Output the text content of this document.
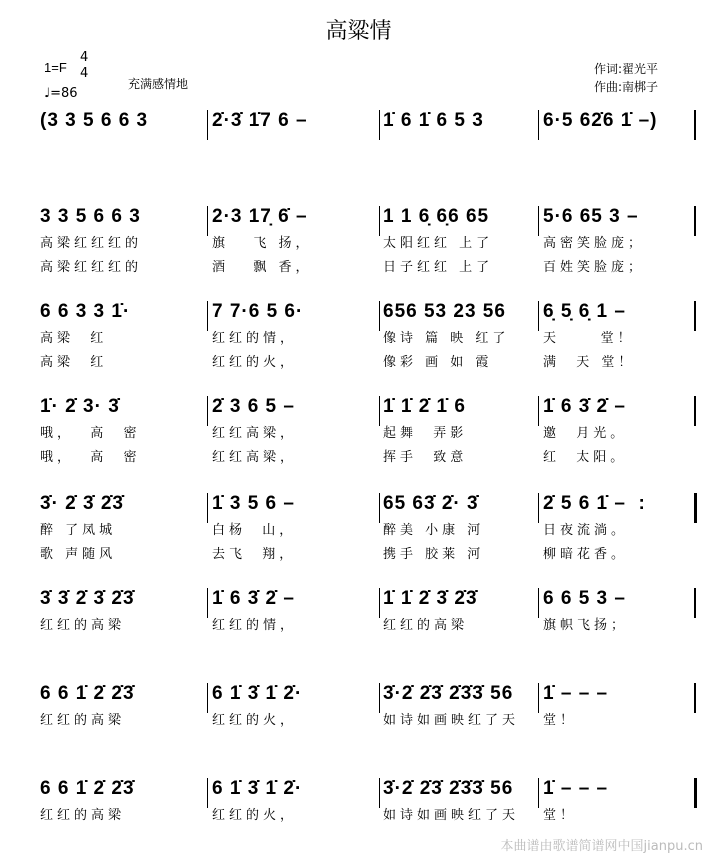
高粱情
1=F
4
4
♩=86
充满感情地
作词:翟光平
作曲:南梆子
(3 3 5 6 6 3	2̇·3̇ 1̇7 6 –	1̇ 6 1̇ 6 5 3	6·5 62̇6 1̇ –)
3 3 5 6 6 3
高梁红红红的
高梁红红红的
2·3 17̣ 6̇ –
旗   飞 扬，
酒   飘 香，
1 1 6̣ 6̣6 65
太阳红红 上了
日子红红 上了
5·6 65 3 –
高密笑脸庞；
百姓笑脸庞；
6 6 3 3 1̇·
高梁  红
高梁  红
7 7·6 5 6·
红红的情，
红红的火，
656 53 23 56
像诗 篇 映 红了
像彩 画 如 霞
6̣ 5̣ 6̣ 1 –
天     堂！
满  天 堂！
1̇· 2̇ 3· 3̇
哦，  高  密
哦，  高  密
2̇ 3 6 5 –
红红高梁，
红红高梁，
1̇ 1̇ 2̇ 1̇ 6
起舞  弄影
挥手  致意
1̇ 6 3̇ 2̇ –
邀  月光。
红  太阳。
3̇· 2̇ 3̇ 2̇3̇
醉 了凤城
歌 声随风
1̇ 3 5 6 –
白杨  山，
去飞  翔，
65 63̇ 2̇· 3̇
醉美 小康 河
携手 胶莱 河
2̇ 5 6 1̇ –  :
日夜流淌。
柳暗花香。
3̇ 3̇ 2̇ 3̇ 2̇3̇
红红的高梁
1̇ 6 3̇ 2̇ –
红红的情，
1̇ 1̇ 2̇ 3̇ 2̇3̇
红红的高梁
6 6 5 3 –
旗帜飞扬；
6 6 1̇ 2̇ 2̇3̇
红红的高梁
6 1̇ 3̇ 1̇ 2̇·
红红的火，
3̇·2̇ 2̇3̇ 2̇3̇3̇ 56
如诗如画映红了天
1̇ – – –
堂！
6 6 1̇ 2̇ 2̇3̇
红红的高梁
6 1̇ 3̇ 1̇ 2̇·
红红的火，
3̇·2̇ 2̇3̇ 2̇3̇3̇ 56
如诗如画映红了天
1̇ – – –
堂！
本曲谱由歌谱简谱网中国jianpu.cn
